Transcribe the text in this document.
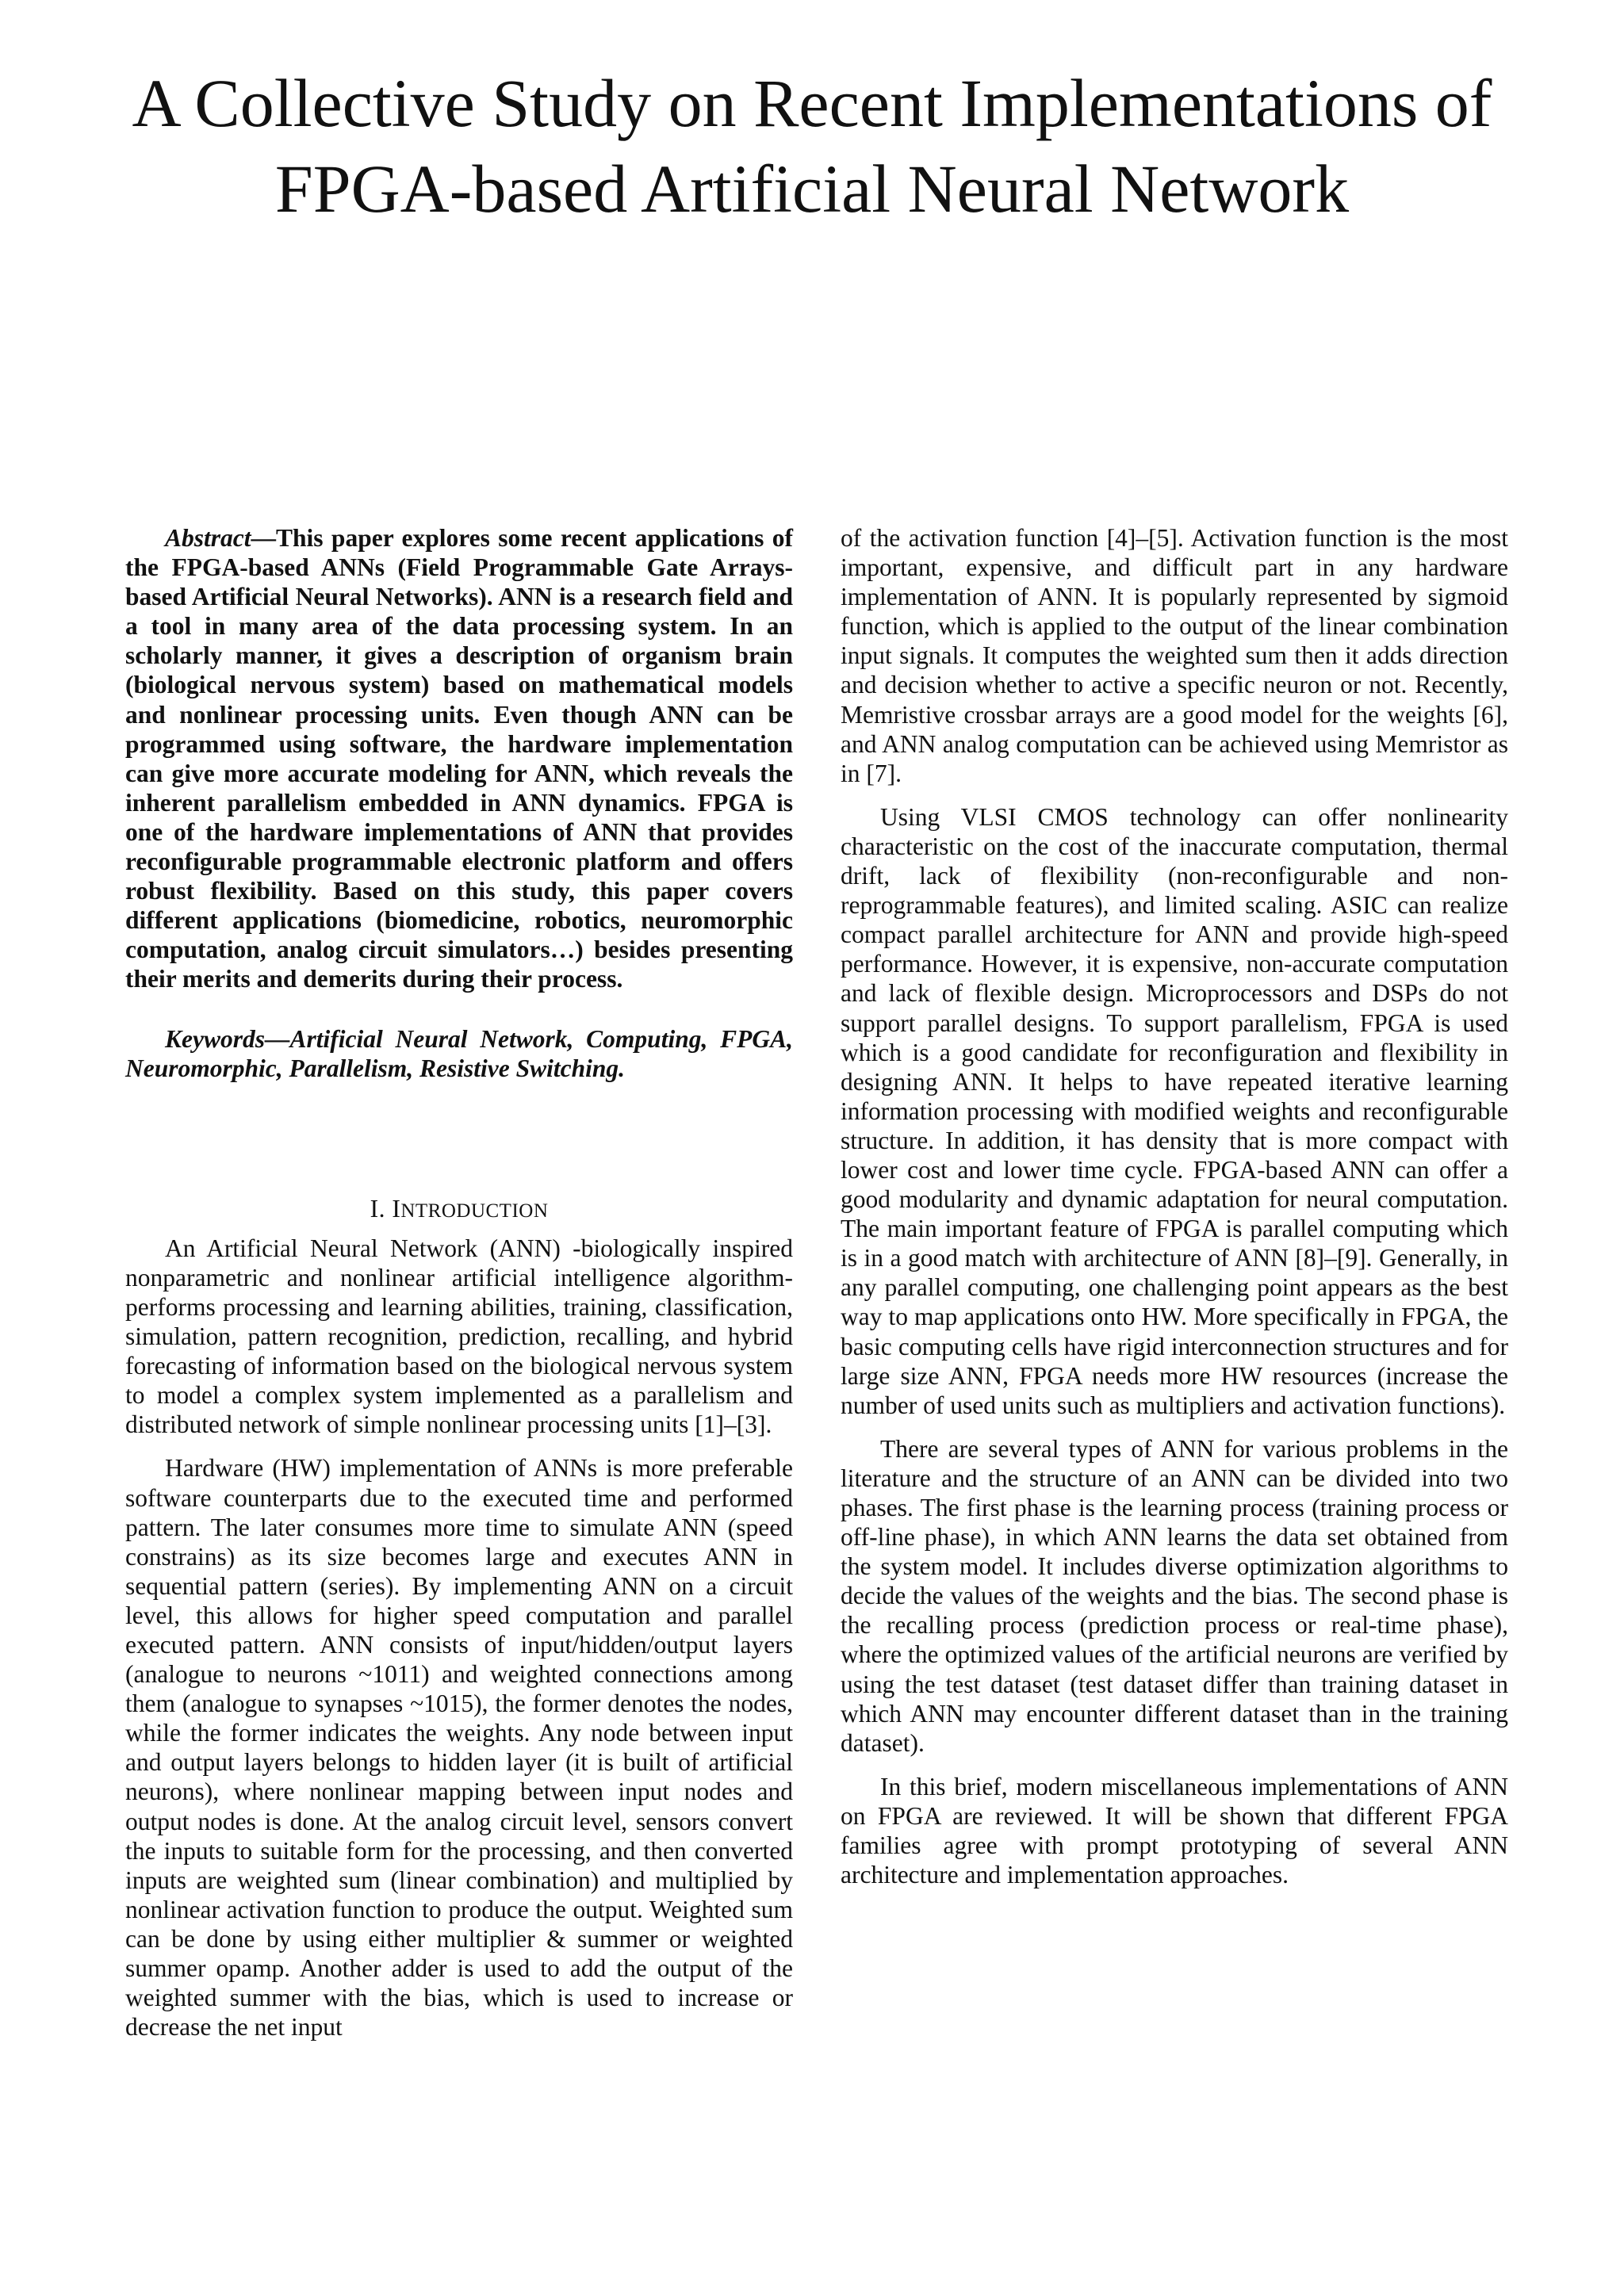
A Collective Study on Recent Implementations of
FPGA-based Artificial Neural Network

Abstract—This paper explores some recent applications of the FPGA-based ANNs (Field Programmable Gate Arrays-based Artificial Neural Networks). ANN is a research field and a tool in many area of the data processing system. In an scholarly manner, it gives a description of organism brain (biological nervous system) based on mathematical models and nonlinear processing units. Even though ANN can be programmed using software, the hardware implementation can give more accurate modeling for ANN, which reveals the inherent parallelism embedded in ANN dynamics. FPGA is one of the hardware implementations of ANN that provides reconfigurable programmable electronic platform and offers robust flexibility. Based on this study, this paper covers different applications (biomedicine, robotics, neuromorphic computation, analog circuit simulators…) besides presenting their merits and demerits during their process.

Keywords—Artificial Neural Network, Computing, FPGA, Neuromorphic, Parallelism, Resistive Switching.

I. INTRODUCTION

An Artificial Neural Network (ANN) -biologically inspired nonparametric and nonlinear artificial intelligence algorithm- performs processing and learning abilities, training, classification, simulation, pattern recognition, prediction, recalling, and hybrid forecasting of information based on the biological nervous system to model a complex system implemented as a parallelism and distributed network of simple nonlinear processing units [1]–[3].

Hardware (HW) implementation of ANNs is more preferable software counterparts due to the executed time and performed pattern. The later consumes more time to simulate ANN (speed constrains) as its size becomes large and executes ANN in sequential pattern (series). By implementing ANN on a circuit level, this allows for higher speed computation and parallel executed pattern. ANN consists of input/hidden/output layers (analogue to neurons ~1011) and weighted connections among them (analogue to synapses ~1015), the former denotes the nodes, while the former indicates the weights. Any node between input and output layers belongs to hidden layer (it is built of artificial neurons), where nonlinear mapping between input nodes and output nodes is done. At the analog circuit level, sensors convert the inputs to suitable form for the processing, and then converted inputs are weighted sum (linear combination) and multiplied by nonlinear activation function to produce the output. Weighted sum can be done by using either multiplier & summer or weighted summer opamp. Another adder is used to add the output of the weighted summer with the bias, which is used to increase or decrease the net input

of the activation function [4]–[5]. Activation function is the most important, expensive, and difficult part in any hardware implementation of ANN. It is popularly represented by sigmoid function, which is applied to the output of the linear combination input signals. It computes the weighted sum then it adds direction and decision whether to active a specific neuron or not. Recently, Memristive crossbar arrays are a good model for the weights [6], and ANN analog computation can be achieved using Memristor as in [7].

Using VLSI CMOS technology can offer nonlinearity characteristic on the cost of the inaccurate computation, thermal drift, lack of flexibility (non-reconfigurable and non-reprogrammable features), and limited scaling. ASIC can realize compact parallel architecture for ANN and provide high-speed performance. However, it is expensive, non-accurate computation and lack of flexible design. Microprocessors and DSPs do not support parallel designs. To support parallelism, FPGA is used which is a good candidate for reconfiguration and flexibility in designing ANN. It helps to have repeated iterative learning information processing with modified weights and reconfigurable structure. In addition, it has density that is more compact with lower cost and lower time cycle. FPGA-based ANN can offer a good modularity and dynamic adaptation for neural computation. The main important feature of FPGA is parallel computing which is in a good match with architecture of ANN [8]–[9]. Generally, in any parallel computing, one challenging point appears as the best way to map applications onto HW. More specifically in FPGA, the basic computing cells have rigid interconnection structures and for large size ANN, FPGA needs more HW resources (increase the number of used units such as multipliers and activation functions).

There are several types of ANN for various problems in the literature and the structure of an ANN can be divided into two phases. The first phase is the learning process (training process or off-line phase), in which ANN learns the data set obtained from the system model. It includes diverse optimization algorithms to decide the values of the weights and the bias. The second phase is the recalling process (prediction process or real-time phase), where the optimized values of the artificial neurons are verified by using the test dataset (test dataset differ than training dataset in which ANN may encounter different dataset than in the training dataset).

In this brief, modern miscellaneous implementations of ANN on FPGA are reviewed. It will be shown that different FPGA families agree with prompt prototyping of several ANN architecture and implementation approaches.
